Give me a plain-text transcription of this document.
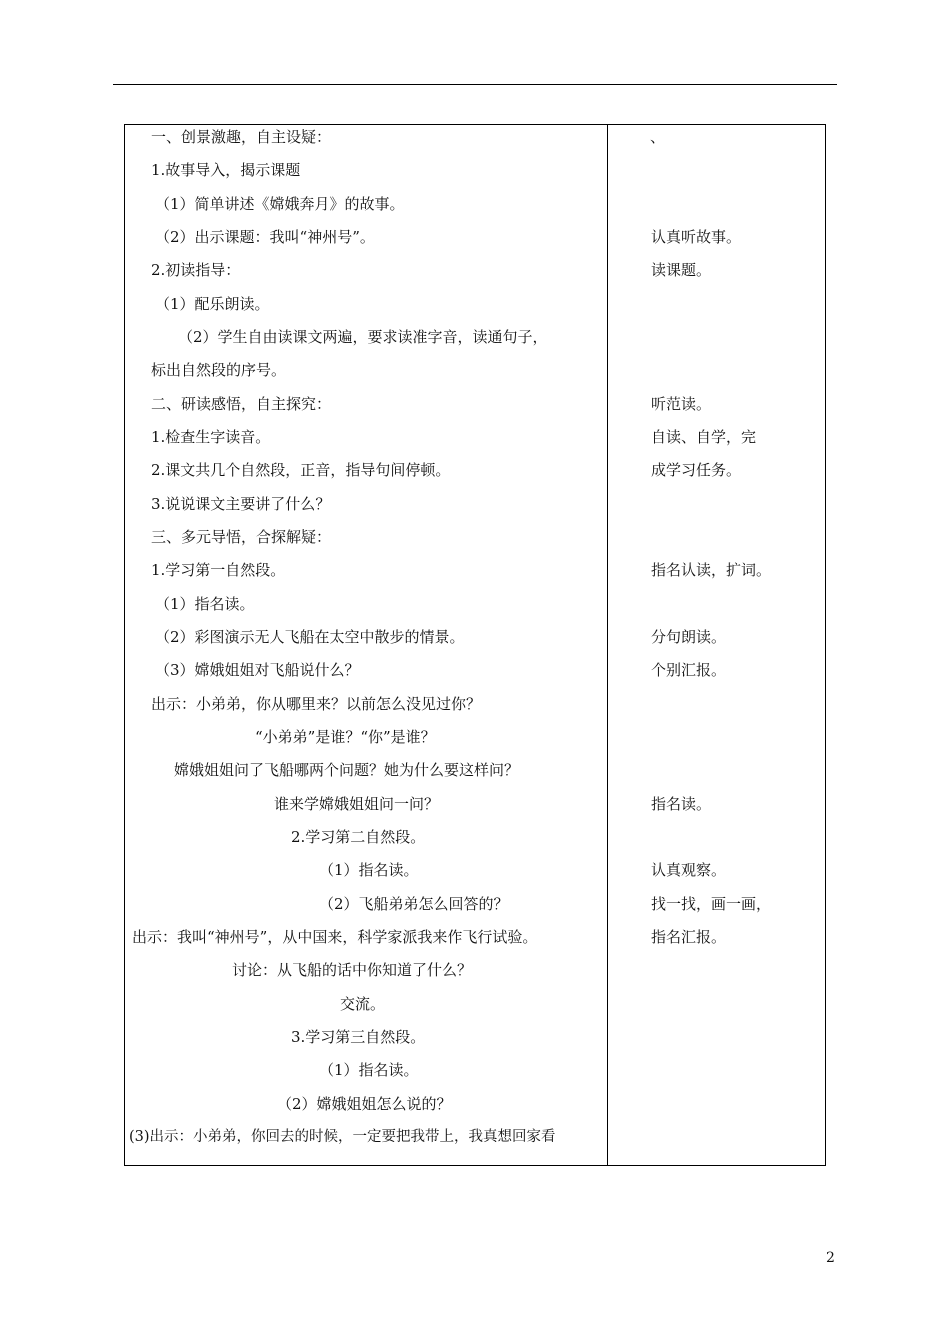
一、创景激趣，自主设疑：
1.故事导入，揭示课题
（1）简单讲述《嫦娥奔月》的故事。
（2）出示课题：我叫“神州号”。
2.初读指导：
（1）配乐朗读。
（2）学生自由读课文两遍，要求读准字音，读通句子，
标出自然段的序号。
二、研读感悟，自主探究：
1.检查生字读音。
2.课文共几个自然段，正音，指导句间停顿。
3.说说课文主要讲了什么？
三、多元导悟，合探解疑：
1.学习第一自然段。
（1）指名读。
（2）彩图演示无人飞船在太空中散步的情景。
（3）嫦娥姐姐对飞船说什么？
出示：小弟弟，你从哪里来？以前怎么没见过你？
“小弟弟”是谁？“你”是谁？
嫦娥姐姐问了飞船哪两个问题？她为什么要这样问？
谁来学嫦娥姐姐问一问？
2.学习第二自然段。
（1）指名读。
（2）飞船弟弟怎么回答的？
出示：我叫“神州号”，从中国来，科学家派我来作飞行试验。
讨论：从飞船的话中你知道了什么？
交流。
3.学习第三自然段。
（1）指名读。
（2）嫦娥姐姐怎么说的？
(3)出示：小弟弟，你回去的时候，一定要把我带上，我真想回家看
、
认真听故事。
读课题。
听范读。
自读、自学，完
成学习任务。
指名认读，扩词。
分句朗读。
个别汇报。
指名读。
认真观察。
找一找，画一画，
指名汇报。
2
